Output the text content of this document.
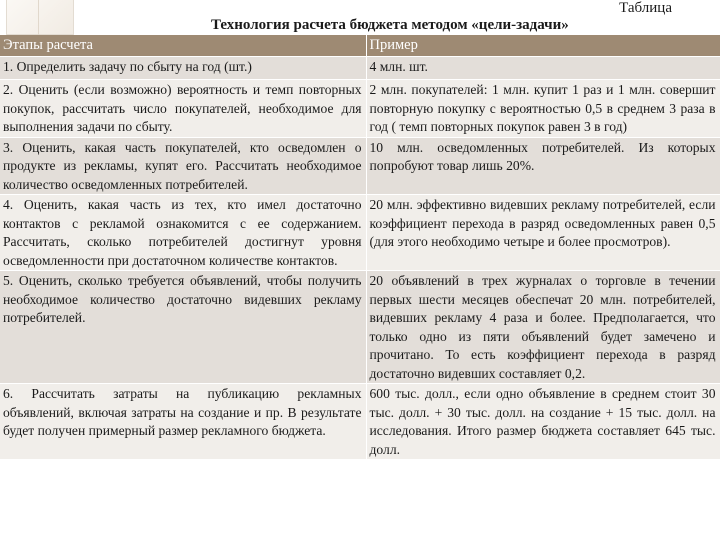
Таблица
Технология расчета бюджета методом «цели-задачи»
Этапы расчета	Пример

1. Определить задачу по сбыту на год (шт.)	4 млн. шт.

2. Оценить (если возможно) вероятность и темп повторных покупок, рассчитать число покупателей, необходимое для выполнения задачи по сбыту.	2 млн. покупателей: 1 млн. купит 1 раз и 1 млн. совершит повторную покупку с вероятностью 0,5 в среднем 3 раза в год ( темп повторных покупок равен 3 в год)

3. Оценить, какая часть покупателей, кто осведомлен о продукте из рекламы, купят его. Рассчитать необходимое количество осведомленных потребителей.	10 млн. осведомленных потребителей. Из которых попробуют товар лишь 20%.

4. Оценить, какая часть из тех, кто имел достаточно контактов с рекламой ознакомится с ее содержанием. Рассчитать, сколько потребителей достигнут уровня осведомленности при достаточном количестве контактов.	20 млн. эффективно видевших рекламу потребителей, если коэффициент перехода в разряд осведомленных равен 0,5 (для этого необходимо четыре и более просмотров).

5. Оценить, сколько требуется объявлений, чтобы получить необходимое количество достаточно видевших рекламу потребителей.	20 объявлений в трех журналах о торговле в течении первых шести месяцев обеспечат 20 млн. потребителей, видевших рекламу 4 раза и более. Предполагается, что только одно из пяти объявлений будет замечено и прочитано. То есть коэффициент перехода в разряд достаточно видевших составляет 0,2.

6. Рассчитать затраты на публикацию рекламных объявлений, включая затраты на создание и пр. В результате будет получен примерный размер рекламного бюджета.	600 тыс. долл., если одно объявление в среднем стоит 30 тыс. долл. + 30 тыс. долл. на создание + 15 тыс. долл. на исследования. Итого размер бюджета составляет 645 тыс. долл.
